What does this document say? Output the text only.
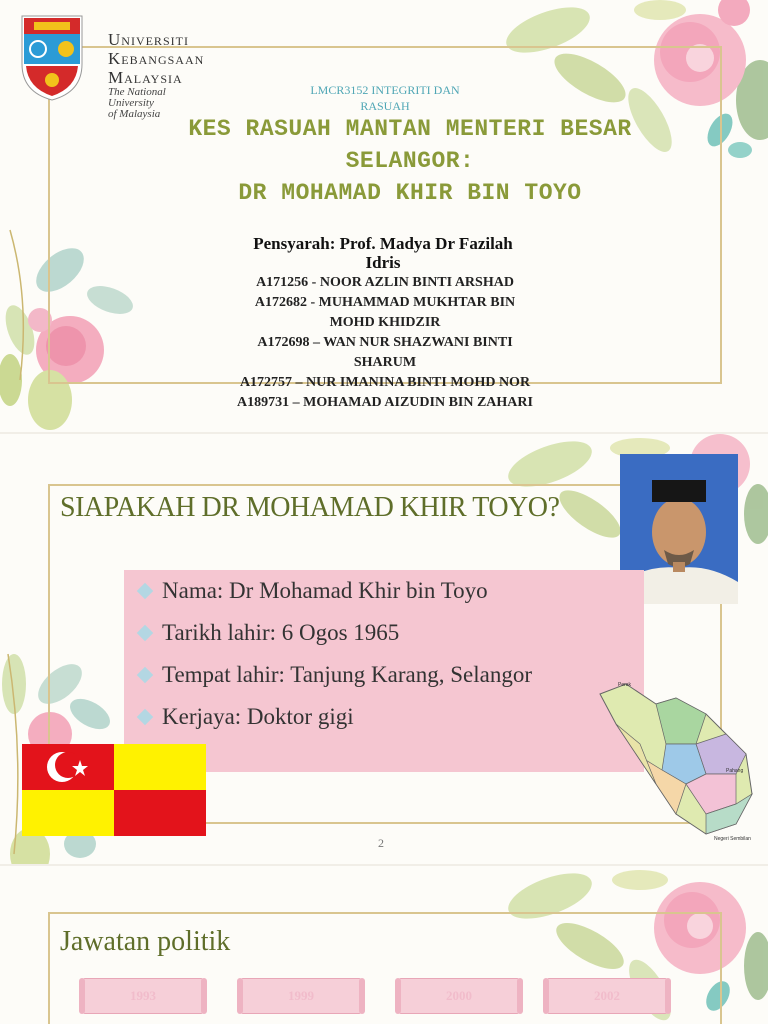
Universiti
Kebangsaan
Malaysia
The National University
of Malaysia
LMCR3152 INTEGRITI DAN
RASUAH
KES RASUAH MANTAN MENTERI BESAR
SELANGOR:
DR MOHAMAD KHIR BIN TOYO
Pensyarah: Prof. Madya Dr Fazilah
Idris
A171256 - NOOR AZLIN BINTI ARSHAD
A172682 - MUHAMMAD MUKHTAR BIN
MOHD KHIDZIR
A172698 – WAN NUR SHAZWANI BINTI
SHARUM
A172757 – NUR IMANINA BINTI MOHD NOR
A189731 – MOHAMAD AIZUDIN BIN ZAHARI
SIAPAKAH DR MOHAMAD KHIR TOYO?
Nama: Dr Mohamad Khir bin Toyo
Tarikh lahir: 6 Ogos 1965
Tempat lahir: Tanjung Karang, Selangor
Kerjaya: Doktor gigi
Perak
Pahang
Negeri Sembilan
2
Jawatan politik
1993	1999	2000	2002
